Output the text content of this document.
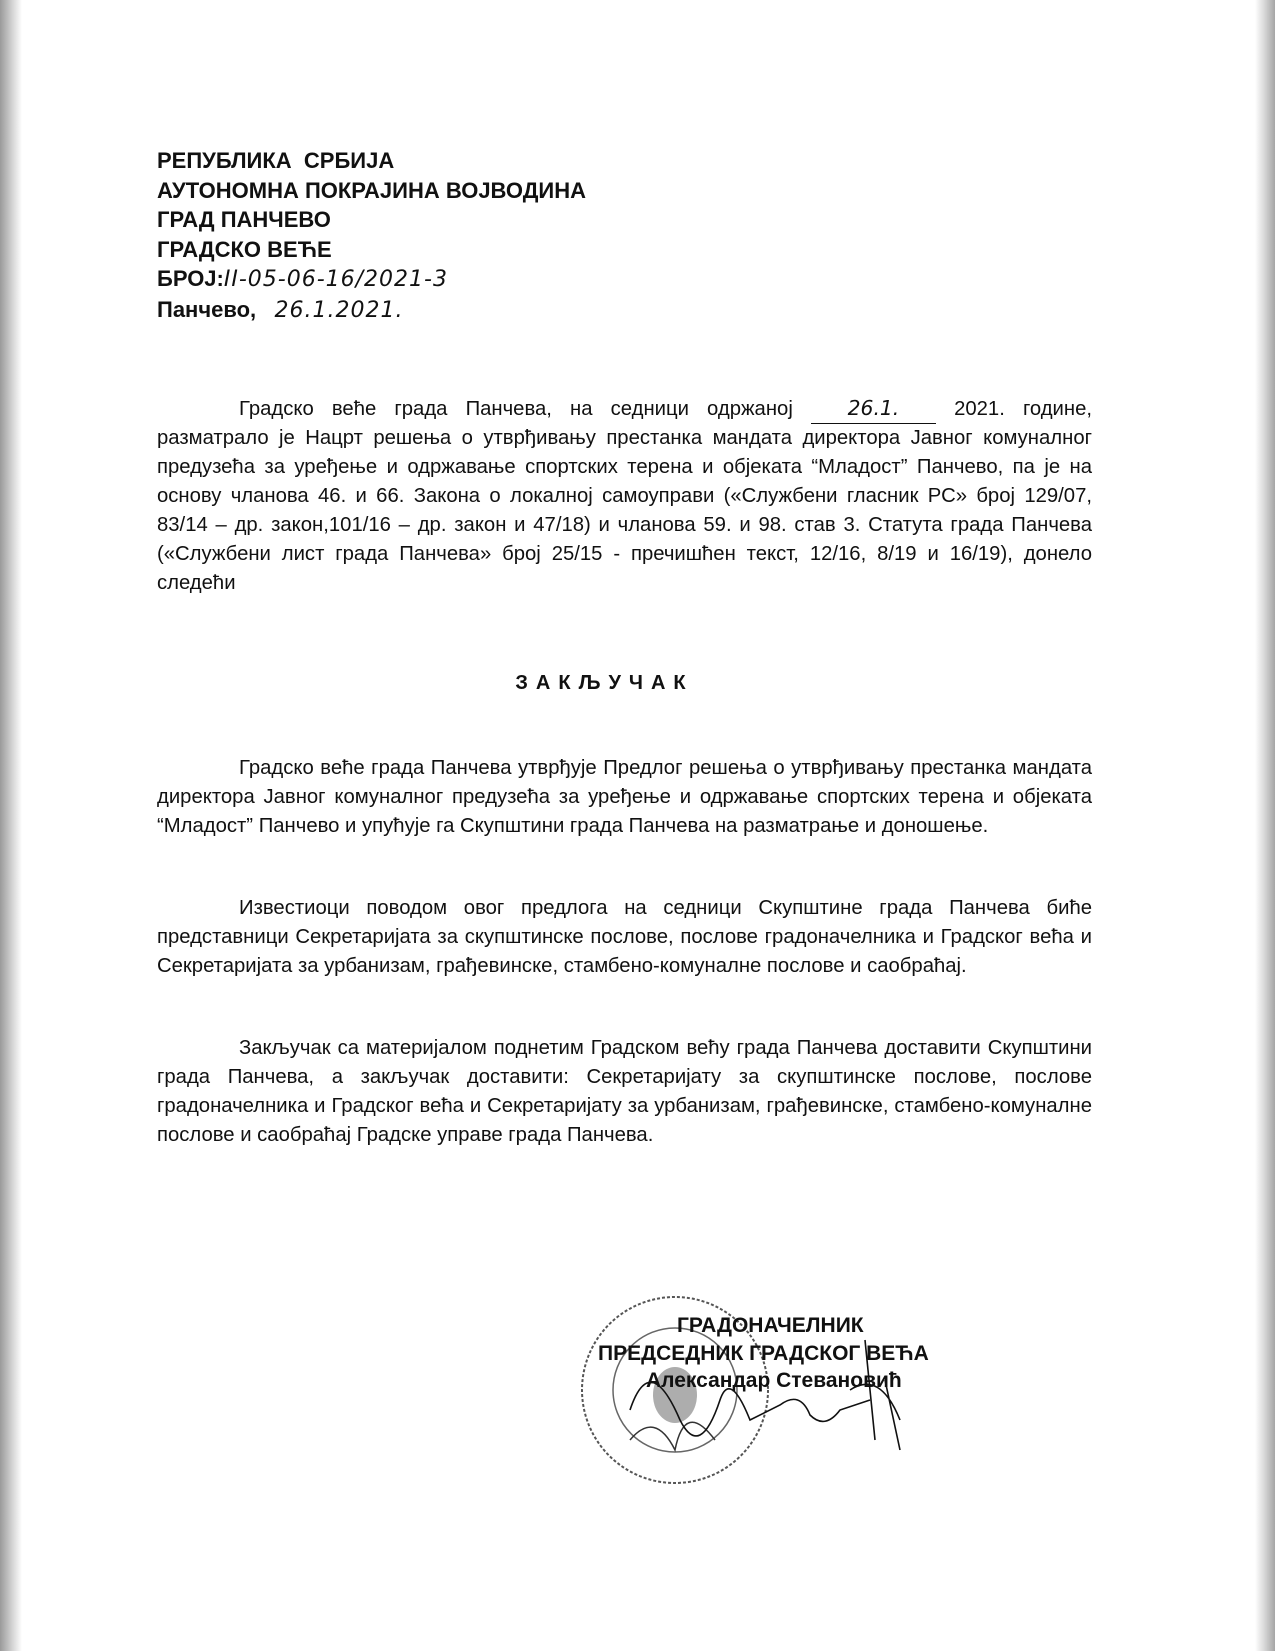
РЕПУБЛИКА  СРБИЈА
АУТОНОМНА ПОКРАЈИНА ВОЈВОДИНА
ГРАД ПАНЧЕВО
ГРАДСКО ВЕЋЕ
БРОЈ:II-05-06-16/2021-3
Панчево, 26.1.2021.
Градско веће града Панчева, на седници одржаној 26.1. 2021. године, разматрало је Нацрт решења о утврђивању престанка мандата директора Јавног комуналног предузећа за уређење и одржавање спортских терена и објеката “Младост” Панчево, па је на основу чланова 46. и 66. Закона о локалној самоуправи («Службени гласник РС» број 129/07, 83/14 – др. закон,101/16 – др. закон и 47/18) и чланова 59. и 98. став 3. Статута града Панчева («Службени лист града Панчева» број 25/15 - пречишћен текст, 12/16, 8/19 и 16/19), донело следећи
ЗАКЉУЧАК
Градско веће града Панчева утврђује Предлог решења о утврђивању престанка мандата директора Јавног комуналног предузећа за уређење и одржавање спортских терена и објеката “Младост” Панчево и упућује га Скупштини града Панчева на разматрање и доношење.
Известиоци поводом овог предлога на седници Скупштине града Панчева биће представници Секретаријата за скупштинске послове, послове градоначелника и Градског већа и Секретаријата за урбанизам, грађевинске, стамбено-комуналне послове и саобраћај.
Закључак са материјалом поднетим Градском већу града Панчева доставити Скупштини града Панчева, а закључак доставити: Секретаријату за скупштинске послове, послове градоначелника и Градског већа и Секретаријату за урбанизам, грађевинске, стамбено-комуналне послове и саобраћај Градске управе града Панчева.
ГРАДОНАЧЕЛНИК
ПРЕДСЕДНИК ГРАДСКОГ ВЕЋА
Александар Стевановић
